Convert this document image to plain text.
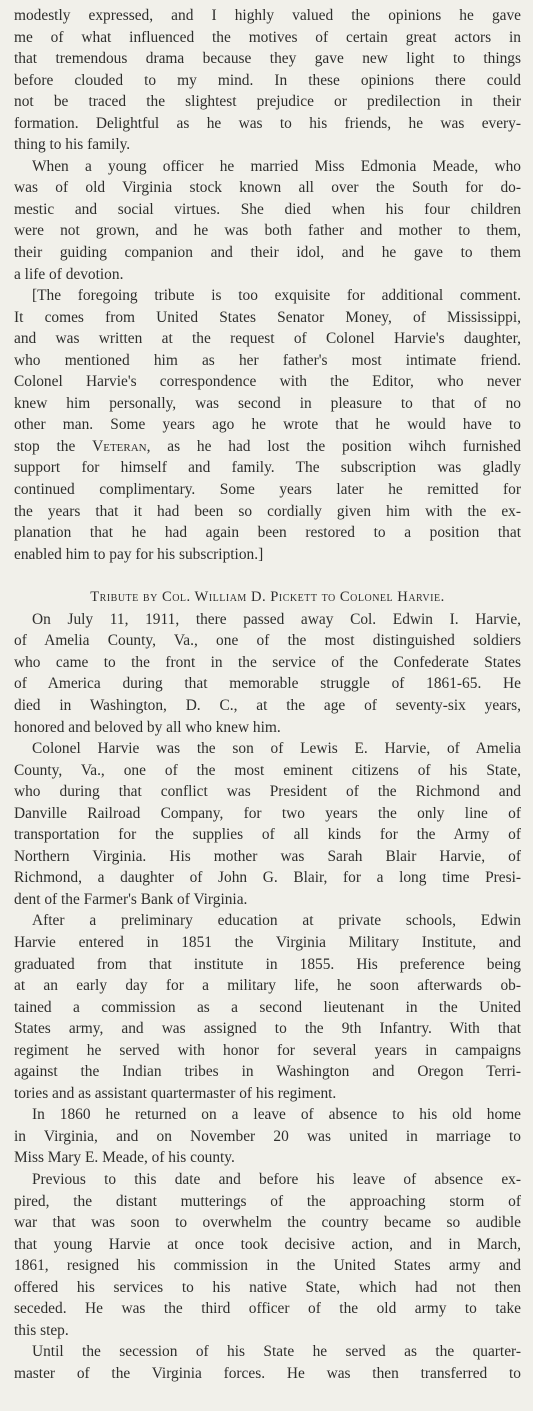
modestly expressed, and I highly valued the opinions he gave
me of what influenced the motives of certain great actors in
that tremendous drama because they gave new light to things
before clouded to my mind. In these opinions there could
not be traced the slightest prejudice or predilection in their
formation. Delightful as he was to his friends, he was every-
thing to his family.
When a young officer he married Miss Edmonia Meade, who
was of old Virginia stock known all over the South for do-
mestic and social virtues. She died when his four children
were not grown, and he was both father and mother to them,
their guiding companion and their idol, and he gave to them
a life of devotion.
[The foregoing tribute is too exquisite for additional comment.
It comes from United States Senator Money, of Mississippi,
and was written at the request of Colonel Harvie's daughter,
who mentioned him as her father's most intimate friend.
Colonel Harvie's correspondence with the Editor, who never
knew him personally, was second in pleasure to that of no
other man. Some years ago he wrote that he would have to
stop the Veteran, as he had lost the position wihch furnished
support for himself and family. The subscription was gladly
continued complimentary. Some years later he remitted for
the years that it had been so cordially given him with the ex-
planation that he had again been restored to a position that
enabled him to pay for his subscription.]
Tribute by Col. William D. Pickett to Colonel Harvie.
On July 11, 1911, there passed away Col. Edwin I. Harvie,
of Amelia County, Va., one of the most distinguished soldiers
who came to the front in the service of the Confederate States
of America during that memorable struggle of 1861-65. He
died in Washington, D. C., at the age of seventy-six years,
honored and beloved by all who knew him.
Colonel Harvie was the son of Lewis E. Harvie, of Amelia
County, Va., one of the most eminent citizens of his State,
who during that conflict was President of the Richmond and
Danville Railroad Company, for two years the only line of
transportation for the supplies of all kinds for the Army of
Northern Virginia. His mother was Sarah Blair Harvie, of
Richmond, a daughter of John G. Blair, for a long time Presi-
dent of the Farmer's Bank of Virginia.
After a preliminary education at private schools, Edwin
Harvie entered in 1851 the Virginia Military Institute, and
graduated from that institute in 1855. His preference being
at an early day for a military life, he soon afterwards ob-
tained a commission as a second lieutenant in the United
States army, and was assigned to the 9th Infantry. With that
regiment he served with honor for several years in campaigns
against the Indian tribes in Washington and Oregon Terri-
tories and as assistant quartermaster of his regiment.
In 1860 he returned on a leave of absence to his old home
in Virginia, and on November 20 was united in marriage to
Miss Mary E. Meade, of his county.
Previous to this date and before his leave of absence ex-
pired, the distant mutterings of the approaching storm of
war that was soon to overwhelm the country became so audible
that young Harvie at once took decisive action, and in March,
1861, resigned his commission in the United States army and
offered his services to his native State, which had not then
seceded. He was the third officer of the old army to take
this step.
Until the secession of his State he served as the quarter-
master of the Virginia forces. He was then transferred to
